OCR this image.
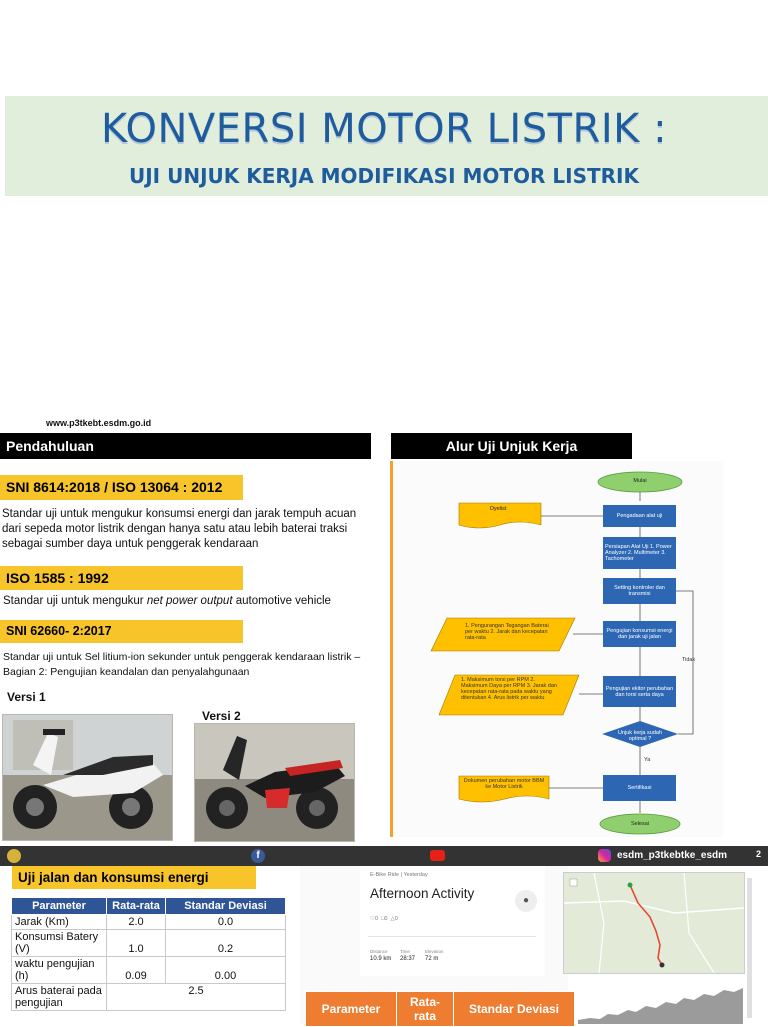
KONVERSI MOTOR LISTRIK :
UJI UNJUK KERJA MODIFIKASI MOTOR LISTRIK
www.p3tkebt.esdm.go.id
Pendahuluan	Alur Uji Unjuk Kerja
SNI 8614:2018 / ISO 13064 : 2012
Standar uji untuk mengukur konsumsi energi dan jarak tempuh acuan dari sepeda motor listrik dengan hanya satu atau lebih baterai traksi sebagai sumber daya untuk penggerak kendaraan
ISO 1585 : 1992
Standar uji untuk mengukur net power output automotive vehicle
SNI 62660- 2:2017
Standar uji untuk Sel litium-ion sekunder untuk penggerak kendaraan listrik – Bagian 2: Pengujian keandalan dan penyalahgunaan
Versi 1
Versi 2
Mulai
Oyelist
Pengadaan alat uji
Persiapan Alat Uji 1. Power Analyzer 2. Multimeter 3. Tachometer
Setting kontroler dan transmisi
Pengujian konsumsi energi dan jarak uji jalan
1. Pengurangan Tegangan Baterai per waktu 2. Jarak dan kecepatan rata-rata
Pengujian ekitor perubahan dan torsi serta daya
1. Maksimum torsi per RPM 2. Maksimum Daya per RPM 3. Jarak dan kecepatan rata-rata pada waktu yang ditentukan 4. Arus listrik per waktu
Unjuk kerja sudah optimal ?
Tidak
Ya
Dokumen perubahan motor BBM ke Motor Listrik	Sertifikasi
Selesai
2
f	esdm_p3tkebtke_esdm
Uji jalan dan konsumsi energi
Parameter	Rata-rata	Standar Deviasi
Jarak (Km)	2.0	0.0
Konsumsi Batery (V)	1.0	0.2
waktu pengujian (h)	0.09	0.00
Arus baterai pada pengujian	2.5	
E-Bike Ride | Yesterday
Afternoon Activity	●
♡0 □0 △0
Distance
10.9 km
Time
28:37
Elevation
72 m
Parameter	Rata-rata	Standar Deviasi
